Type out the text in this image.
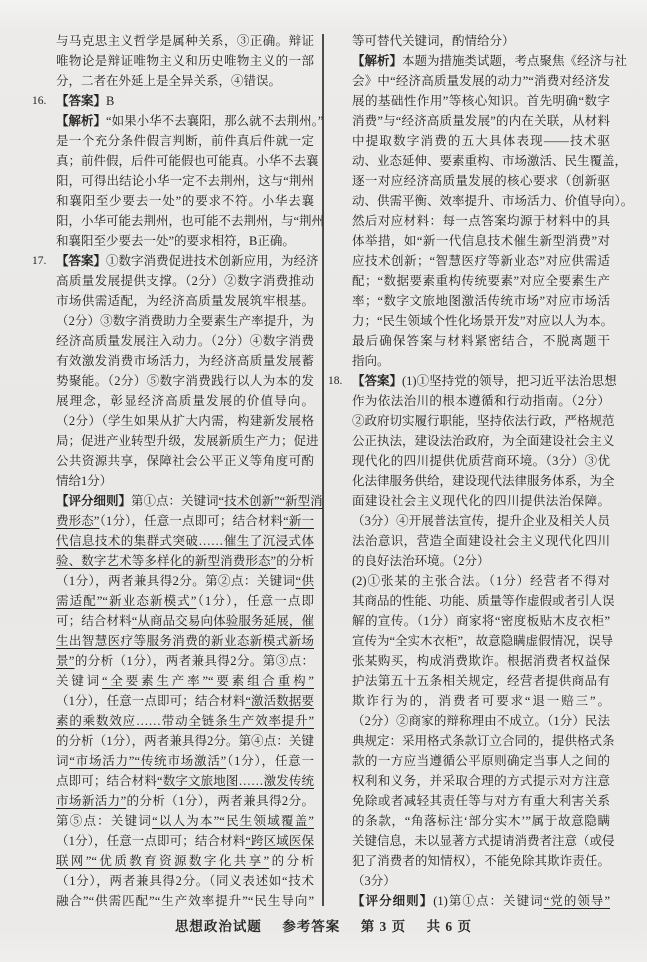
与马克思主义哲学是属种关系，③正确。辩证
唯物论是辩证唯物主义和历史唯物主义的一部
分，二者在外延上是全异关系，④错误。
16. 【答案】B
【解析】“如果小华不去襄阳，那么就不去荆州。”
是一个充分条件假言判断，前件真后件就一定
真；前件假，后件可能假也可能真。小华不去襄
阳，可得出结论小华一定不去荆州，这与“荆州
和襄阳至少要去一处”的要求不符。小华去襄
阳，小华可能去荆州，也可能不去荆州，与“荆州
和襄阳至少要去一处”的要求相符，B正确。
17. 【答案】①数字消费促进技术创新应用，为经济
高质量发展提供支撑。（2分）②数字消费推动
市场供需适配，为经济高质量发展筑牢根基。
（2分）③数字消费助力全要素生产率提升，为
经济高质量发展注入动力。（2分）④数字消费
有效激发消费市场活力，为经济高质量发展蓄
势聚能。（2分）⑤数字消费践行以人为本的发
展理念，彰显经济高质量发展的价值导向。
（2分）（学生如果从扩大内需，构建新发展格
局；促进产业转型升级，发展新质生产力；促进
公共资源共享，保障社会公平正义等角度可酌
情给1分）
【评分细则】第①点：关键词“技术创新”“新型消
费形态”（1分），任意一点即可；结合材料“新一
代信息技术的集群式突破……催生了沉浸式体
验、数字艺术等多样化的新型消费形态”的分析
（1分），两者兼具得2分。第②点：关键词“供
需适配”“新业态新模式”（1分），任意一点即
可；结合材料“从商品交易向体验服务延展，催
生出智慧医疗等服务消费的新业态新模式新场
景”的分析（1分），两者兼具得2分。第③点：
关键词“全要素生产率”“要素组合重构”
（1分），任意一点即可；结合材料“激活数据要
素的乘数效应……带动全链条生产效率提升”
的分析（1分），两者兼具得2分。第④点：关键
词“市场活力”“传统市场激活”（1分），任意一
点即可；结合材料“数字文旅地图……激发传统
市场新活力”的分析（1分），两者兼具得2分。
第⑤点：关键词“以人为本”“民生领域覆盖”
（1分），任意一点即可；结合材料“跨区域医保
联网”“优质教育资源数字化共享”的分析
（1分），两者兼具得2分。（同义表述如“技术
融合”“供需匹配”“生产效率提升”“民生导向”
等可替代关键词，酌情给分）
【解析】本题为措施类试题，考点聚焦《经济与社
会》中“经济高质量发展的动力”“消费对经济发
展的基础性作用”等核心知识。首先明确“数字
消费”与“经济高质量发展”的内在关联，从材料
中提取数字消费的五大具体表现——技术驱
动、业态延伸、要素重构、市场激活、民生覆盖，
逐一对应经济高质量发展的核心要求（创新驱
动、供需平衡、效率提升、市场活力、价值导向）。
然后对应材料：每一点答案均源于材料中的具
体举措，如“新一代信息技术催生新型消费”对
应技术创新；“智慧医疗等新业态”对应供需适
配；“数据要素重构传统要素”对应全要素生产
率；“数字文旅地图激活传统市场”对应市场活
力；“民生领域个性化场景开发”对应以人为本。
最后确保答案与材料紧密结合，不脱离题干
指向。
18. 【答案】(1)①坚持党的领导，把习近平法治思想
作为依法治川的根本遵循和行动指南。（2分）
②政府切实履行职能，坚持依法行政，严格规范
公正执法，建设法治政府，为全面建设社会主义
现代化的四川提供优质营商环境。（3分）③优
化法律服务供给，建设现代法律服务体系，为全
面建设社会主义现代化的四川提供法治保障。
（3分）④开展普法宣传，提升企业及相关人员
法治意识，营造全面建设社会主义现代化四川
的良好法治环境。（2分）
(2)①张某的主张合法。（1分）经营者不得对
其商品的性能、功能、质量等作虚假或者引人误
解的宣传。（1分）商家将“密度板贴木皮衣柜”
宣传为“全实木衣柜”，故意隐瞒虚假情况，误导
张某购买，构成消费欺诈。根据消费者权益保
护法第五十五条相关规定，经营者提供商品有
欺诈行为的，消费者可要求“退一赔三”。
（2分）②商家的辩称理由不成立。（1分）民法
典规定：采用格式条款订立合同的，提供格式条
款的一方应当遵循公平原则确定当事人之间的
权利和义务，并采取合理的方式提示对方注意
免除或者减轻其责任等与对方有重大利害关系
的条款，“角落标注‘部分实木’”属于故意隐瞒
关键信息，未以显著方式提请消费者注意（或侵
犯了消费者的知情权），不能免除其欺诈责任。
（3分）
【评分细则】(1)第①点：关键词“党的领导”
思想政治试题 参考答案 第 3 页 共 6 页
